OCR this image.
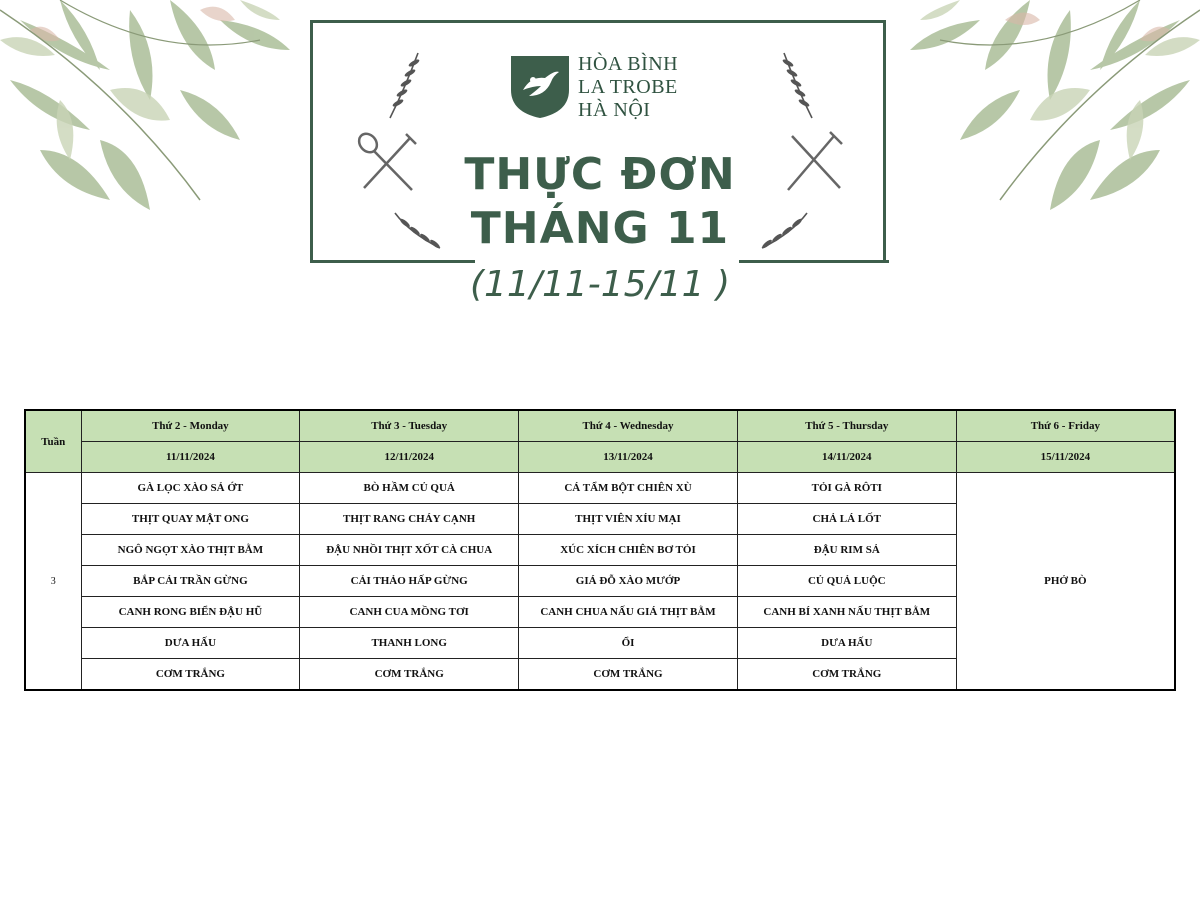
HÒA BÌNH
LA TROBE
HÀ NỘI
THỰC ĐƠN
THÁNG 11
(11/11-15/11 )
Tuần	Thứ 2 - Monday	Thứ 3 - Tuesday	Thứ 4 - Wednesday	Thứ 5 - Thursday	Thứ 6 - Friday
	11/11/2024	12/11/2024	13/11/2024	14/11/2024	15/11/2024
3	GÀ LỌC XÀO SẢ ỚT	BÒ HẦM CỦ QUẢ	CÁ TẨM BỘT CHIÊN XÙ	TỎI GÀ RÔTI	PHỞ BÒ
	THỊT QUAY MẬT ONG	THỊT RANG CHÁY CẠNH	THỊT VIÊN XÍU MẠI	CHẢ LÁ LỐT	
	NGÔ NGỌT XÀO THỊT BẰM	ĐẬU NHỒI THỊT XỐT CÀ CHUA	XÚC XÍCH CHIÊN BƠ TỎI	ĐẬU RIM SẢ	
	BẮP CẢI TRẦN GỪNG	CẢI THẢO HẤP GỪNG	GIÁ ĐỖ XÀO MƯỚP	CỦ QUẢ LUỘC	
	CANH RONG BIỂN ĐẬU HŨ	CANH CUA MỒNG TƠI	CANH CHUA NẤU GIÁ THỊT BẰM	CANH BÍ XANH NẤU THỊT BẰM	
	DƯA HẤU	THANH LONG	ỔI	DƯA HẤU	
	CƠM TRẮNG	CƠM TRẮNG	CƠM TRẮNG	CƠM TRẮNG	
